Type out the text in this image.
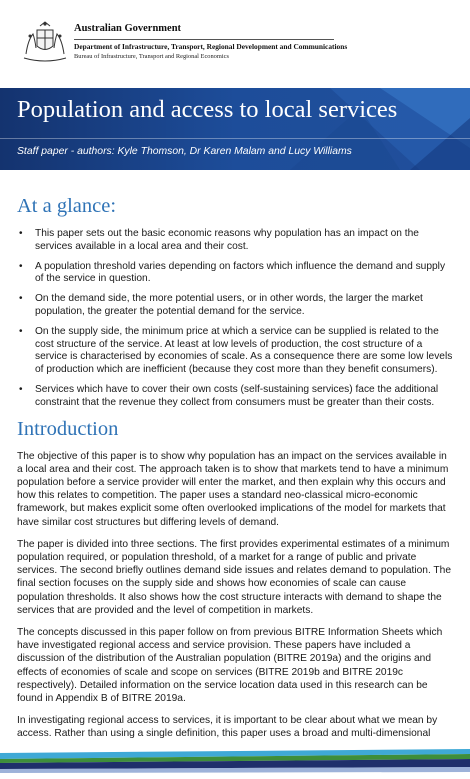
Australian Government
Department of Infrastructure, Transport, Regional Development and Communications
Bureau of Infrastructure, Transport and Regional Economics
Population and access to local services
Staff paper - authors: Kyle Thomson, Dr Karen Malam and Lucy Williams
At a glance:
• This paper sets out the basic economic reasons why population has an impact on the services available in a local area and their cost.
• A population threshold varies depending on factors which influence the demand and supply of the service in question.
• On the demand side, the more potential users, or in other words, the larger the market population, the greater the potential demand for the service.
• On the supply side, the minimum price at which a service can be supplied is related to the cost structure of the service. At least at low levels of production, the cost structure of a service is characterised by economies of scale. As a consequence there are some low levels of production which are inefficient (because they cost more than they benefit consumers).
• Services which have to cover their own costs (self-sustaining services) face the additional constraint that the revenue they collect from consumers must be greater than their costs.
Introduction

The objective of this paper is to show why population has an impact on the services available in a local area and their cost. The approach taken is to show that markets tend to have a minimum population before a service provider will enter the market, and then explain why this occurs and how this relates to competition. The paper uses a standard neo-classical micro-economic framework, but makes explicit some often overlooked implications of the model for markets that have similar cost structures but differing levels of demand.

The paper is divided into three sections. The first provides experimental estimates of a minimum population required, or population threshold, of a market for a range of public and private services. The second briefly outlines demand side issues and relates demand to population. The final section focuses on the supply side and shows how economies of scale can cause population thresholds. It also shows how the cost structure interacts with demand to shape the services that are provided and the level of competition in markets.

The concepts discussed in this paper follow on from previous BITRE Information Sheets which have investigated regional access and service provision. These papers have included a discussion of the distribution of the Australian population (BITRE 2019a) and the origins and effects of economies of scale and scope on services (BITRE 2019b and BITRE 2019c respectively). Detailed information on the service location data used in this research can be found in Appendix B of BITRE 2019a.

In investigating regional access to services, it is important to be clear about what we mean by access. Rather than using a single definition, this paper uses a broad and multi-dimensional
